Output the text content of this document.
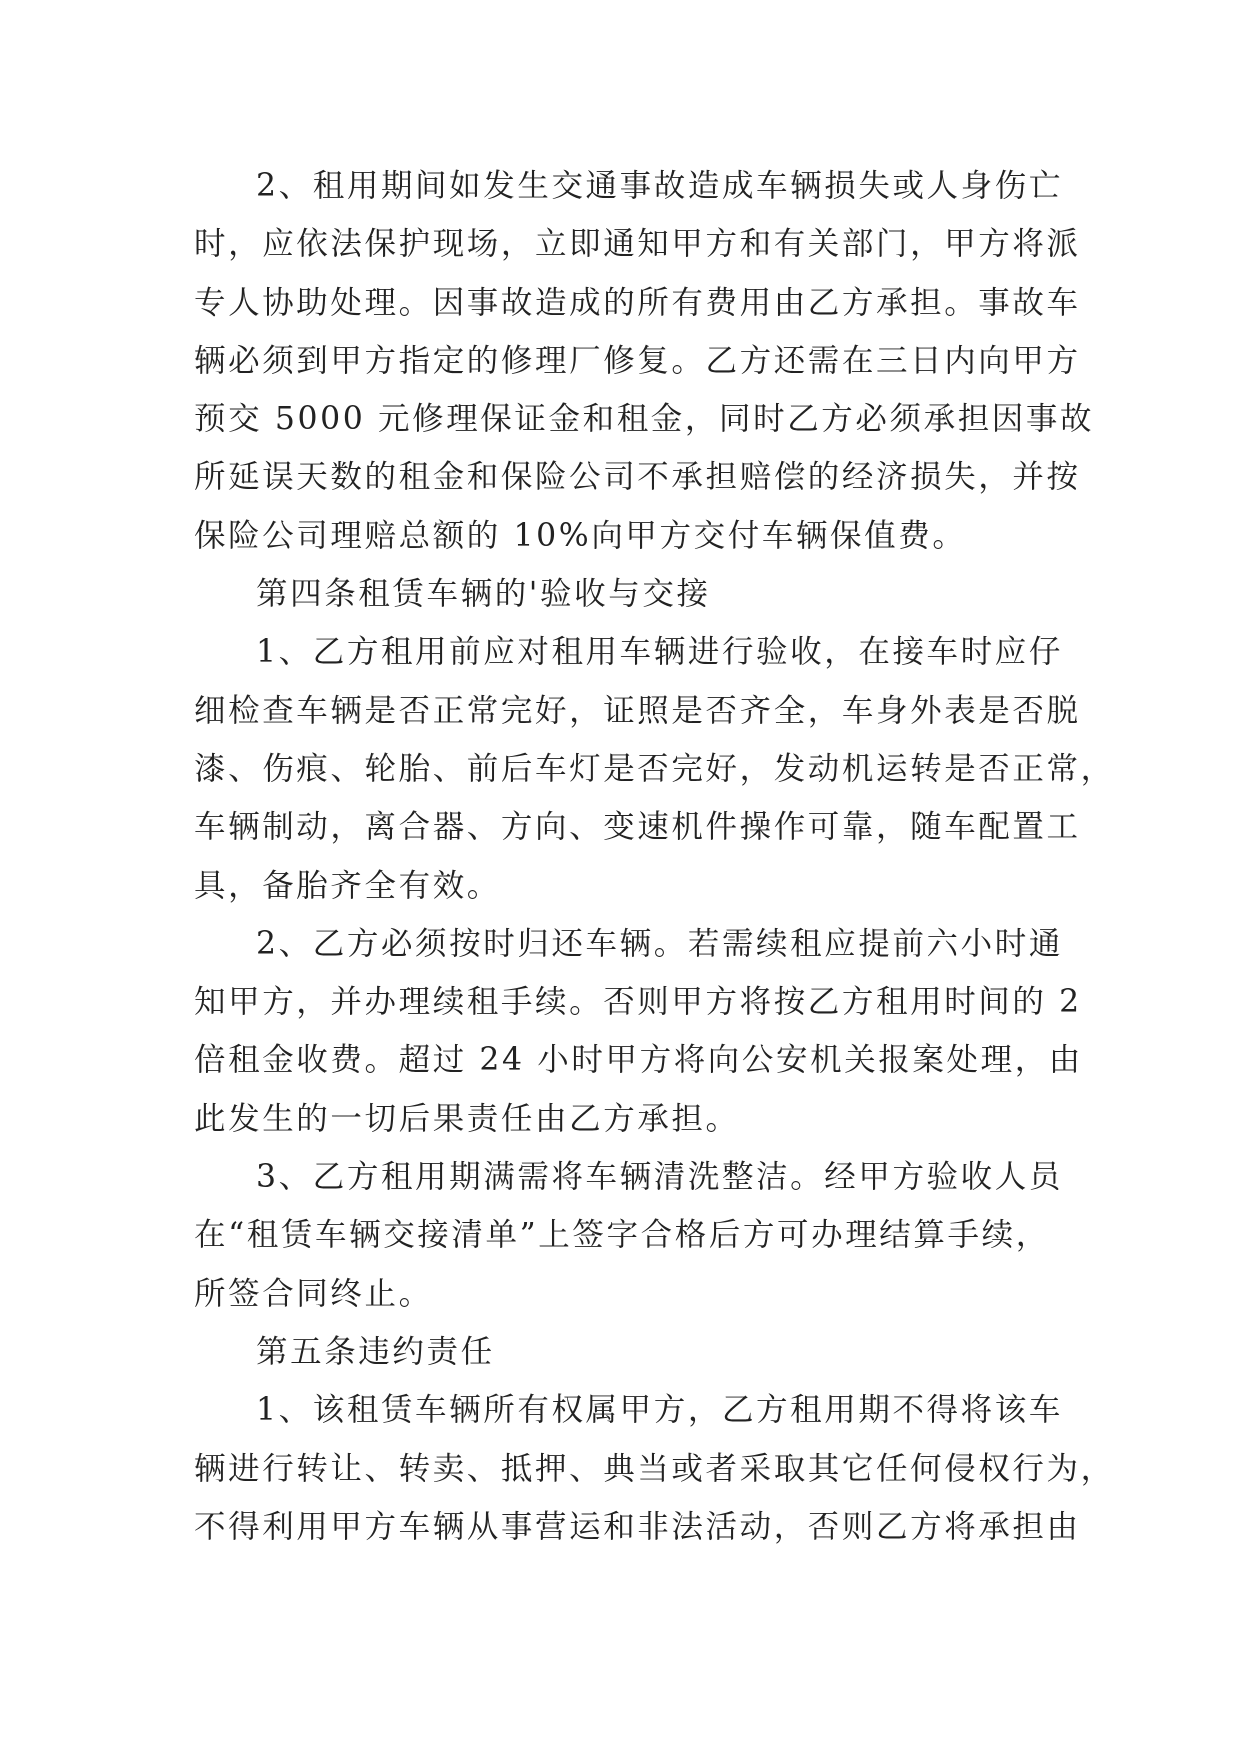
2、租用期间如发生交通事故造成车辆损失或人身伤亡
时，应依法保护现场，立即通知甲方和有关部门，甲方将派
专人协助处理。因事故造成的所有费用由乙方承担。事故车
辆必须到甲方指定的修理厂修复。乙方还需在三日内向甲方
预交 5000 元修理保证金和租金，同时乙方必须承担因事故
所延误天数的租金和保险公司不承担赔偿的经济损失，并按
保险公司理赔总额的 10%向甲方交付车辆保值费。
第四条租赁车辆的'验收与交接
1、乙方租用前应对租用车辆进行验收，在接车时应仔
细检查车辆是否正常完好，证照是否齐全，车身外表是否脱
漆、伤痕、轮胎、前后车灯是否完好，发动机运转是否正常，
车辆制动，离合器、方向、变速机件操作可靠，随车配置工
具，备胎齐全有效。
2、乙方必须按时归还车辆。若需续租应提前六小时通
知甲方，并办理续租手续。否则甲方将按乙方租用时间的 2
倍租金收费。超过 24 小时甲方将向公安机关报案处理，由
此发生的一切后果责任由乙方承担。
3、乙方租用期满需将车辆清洗整洁。经甲方验收人员
在“租赁车辆交接清单”上签字合格后方可办理结算手续，
所签合同终止。
第五条违约责任
1、该租赁车辆所有权属甲方，乙方租用期不得将该车
辆进行转让、转卖、抵押、典当或者采取其它任何侵权行为，
不得利用甲方车辆从事营运和非法活动，否则乙方将承担由
